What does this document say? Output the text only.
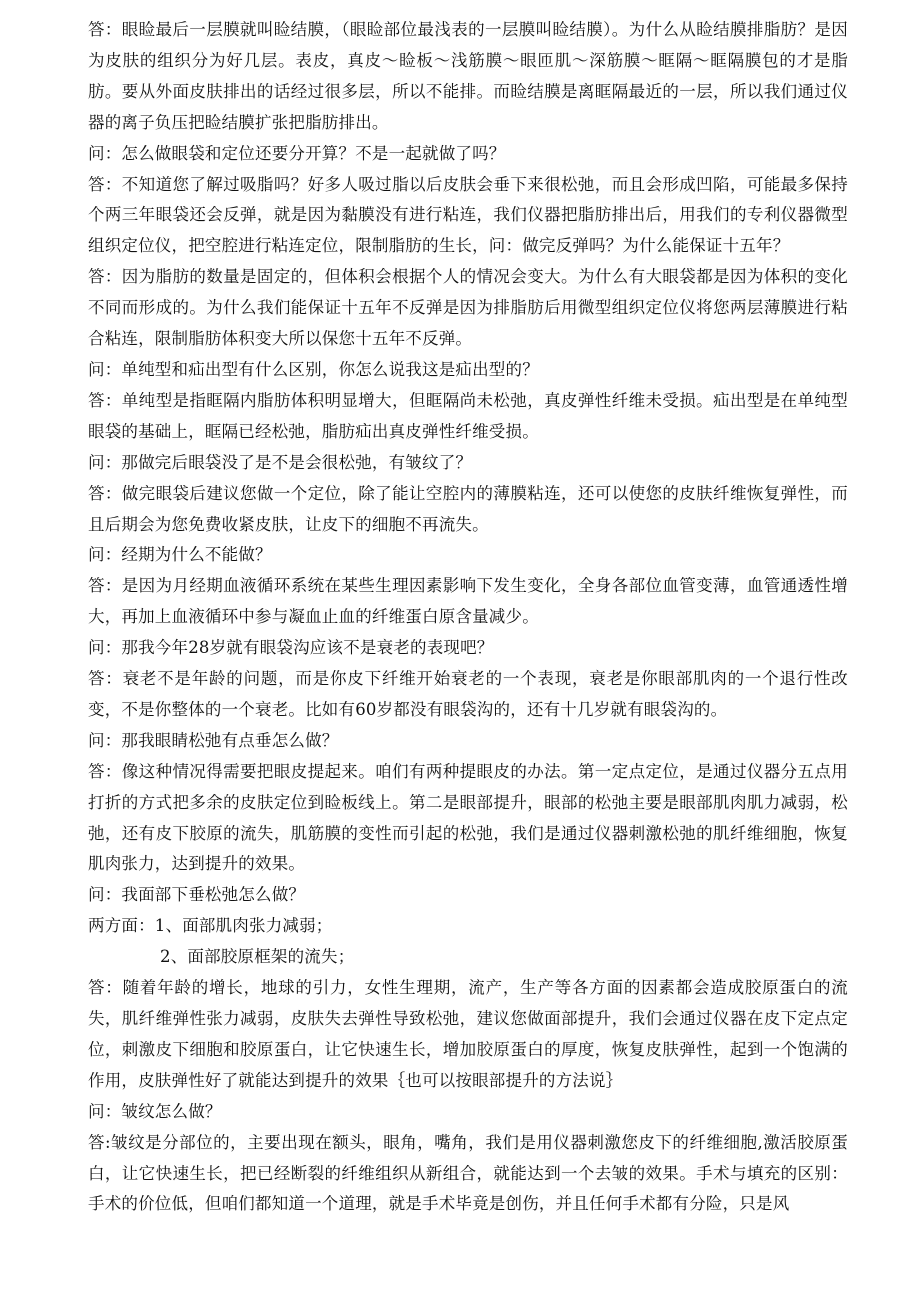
答：眼睑最后一层膜就叫睑结膜，（眼睑部位最浅表的一层膜叫睑结膜）。为什么从睑结膜排脂肪？是因为皮肤的组织分为好几层。表皮，真皮～睑板～浅筋膜～眼匝肌～深筋膜～眶隔～眶隔膜包的才是脂肪。要从外面皮肤排出的话经过很多层，所以不能排。而睑结膜是离眶隔最近的一层，所以我们通过仪器的离子负压把睑结膜扩张把脂肪排出。

问：怎么做眼袋和定位还要分开算？不是一起就做了吗？

答：不知道您了解过吸脂吗？好多人吸过脂以后皮肤会垂下来很松弛，而且会形成凹陷，可能最多保持个两三年眼袋还会反弹，就是因为黏膜没有进行粘连，我们仪器把脂肪排出后，用我们的专利仪器微型组织定位仪，把空腔进行粘连定位，限制脂肪的生长，问：做完反弹吗？为什么能保证十五年？

答：因为脂肪的数量是固定的，但体积会根据个人的情况会变大。为什么有大眼袋都是因为体积的变化不同而形成的。为什么我们能保证十五年不反弹是因为排脂肪后用微型组织定位仪将您两层薄膜进行粘合粘连，限制脂肪体积变大所以保您十五年不反弹。

问：单纯型和疝出型有什么区别，你怎么说我这是疝出型的？

答：单纯型是指眶隔内脂肪体积明显增大，但眶隔尚未松弛，真皮弹性纤维未受损。疝出型是在单纯型眼袋的基础上，眶隔已经松弛，脂肪疝出真皮弹性纤维受损。

问：那做完后眼袋没了是不是会很松弛，有皱纹了？

答：做完眼袋后建议您做一个定位，除了能让空腔内的薄膜粘连，还可以使您的皮肤纤维恢复弹性，而且后期会为您免费收紧皮肤，让皮下的细胞不再流失。

问：经期为什么不能做？

答：是因为月经期血液循环系统在某些生理因素影响下发生变化，全身各部位血管变薄，血管通透性增大，再加上血液循环中参与凝血止血的纤维蛋白原含量减少。

问：那我今年28岁就有眼袋沟应该不是衰老的表现吧？

答：衰老不是年龄的问题，而是你皮下纤维开始衰老的一个表现，衰老是你眼部肌肉的一个退行性改变，不是你整体的一个衰老。比如有60岁都没有眼袋沟的，还有十几岁就有眼袋沟的。

问：那我眼睛松弛有点垂怎么做？

答：像这种情况得需要把眼皮提起来。咱们有两种提眼皮的办法。第一定点定位，是通过仪器分五点用打折的方式把多余的皮肤定位到睑板线上。第二是眼部提升，眼部的松弛主要是眼部肌肉肌力减弱，松弛，还有皮下胶原的流失，肌筋膜的变性而引起的松弛，我们是通过仪器刺激松弛的肌纤维细胞，恢复肌肉张力，达到提升的效果。

问：我面部下垂松弛怎么做？

两方面：1、面部肌肉张力减弱；

2、面部胶原框架的流失；

答：随着年龄的增长，地球的引力，女性生理期，流产，生产等各方面的因素都会造成胶原蛋白的流失，肌纤维弹性张力减弱，皮肤失去弹性导致松弛，建议您做面部提升，我们会通过仪器在皮下定点定位，刺激皮下细胞和胶原蛋白，让它快速生长，增加胶原蛋白的厚度，恢复皮肤弹性，起到一个饱满的作用，皮肤弹性好了就能达到提升的效果｛也可以按眼部提升的方法说｝

问：皱纹怎么做？

答:皱纹是分部位的，主要出现在额头，眼角，嘴角，我们是用仪器刺激您皮下的纤维细胞,激活胶原蛋白，让它快速生长，把已经断裂的纤维组织从新组合，就能达到一个去皱的效果。手术与填充的区别：手术的价位低，但咱们都知道一个道理，就是手术毕竟是创伤，并且任何手术都有分险，只是风
